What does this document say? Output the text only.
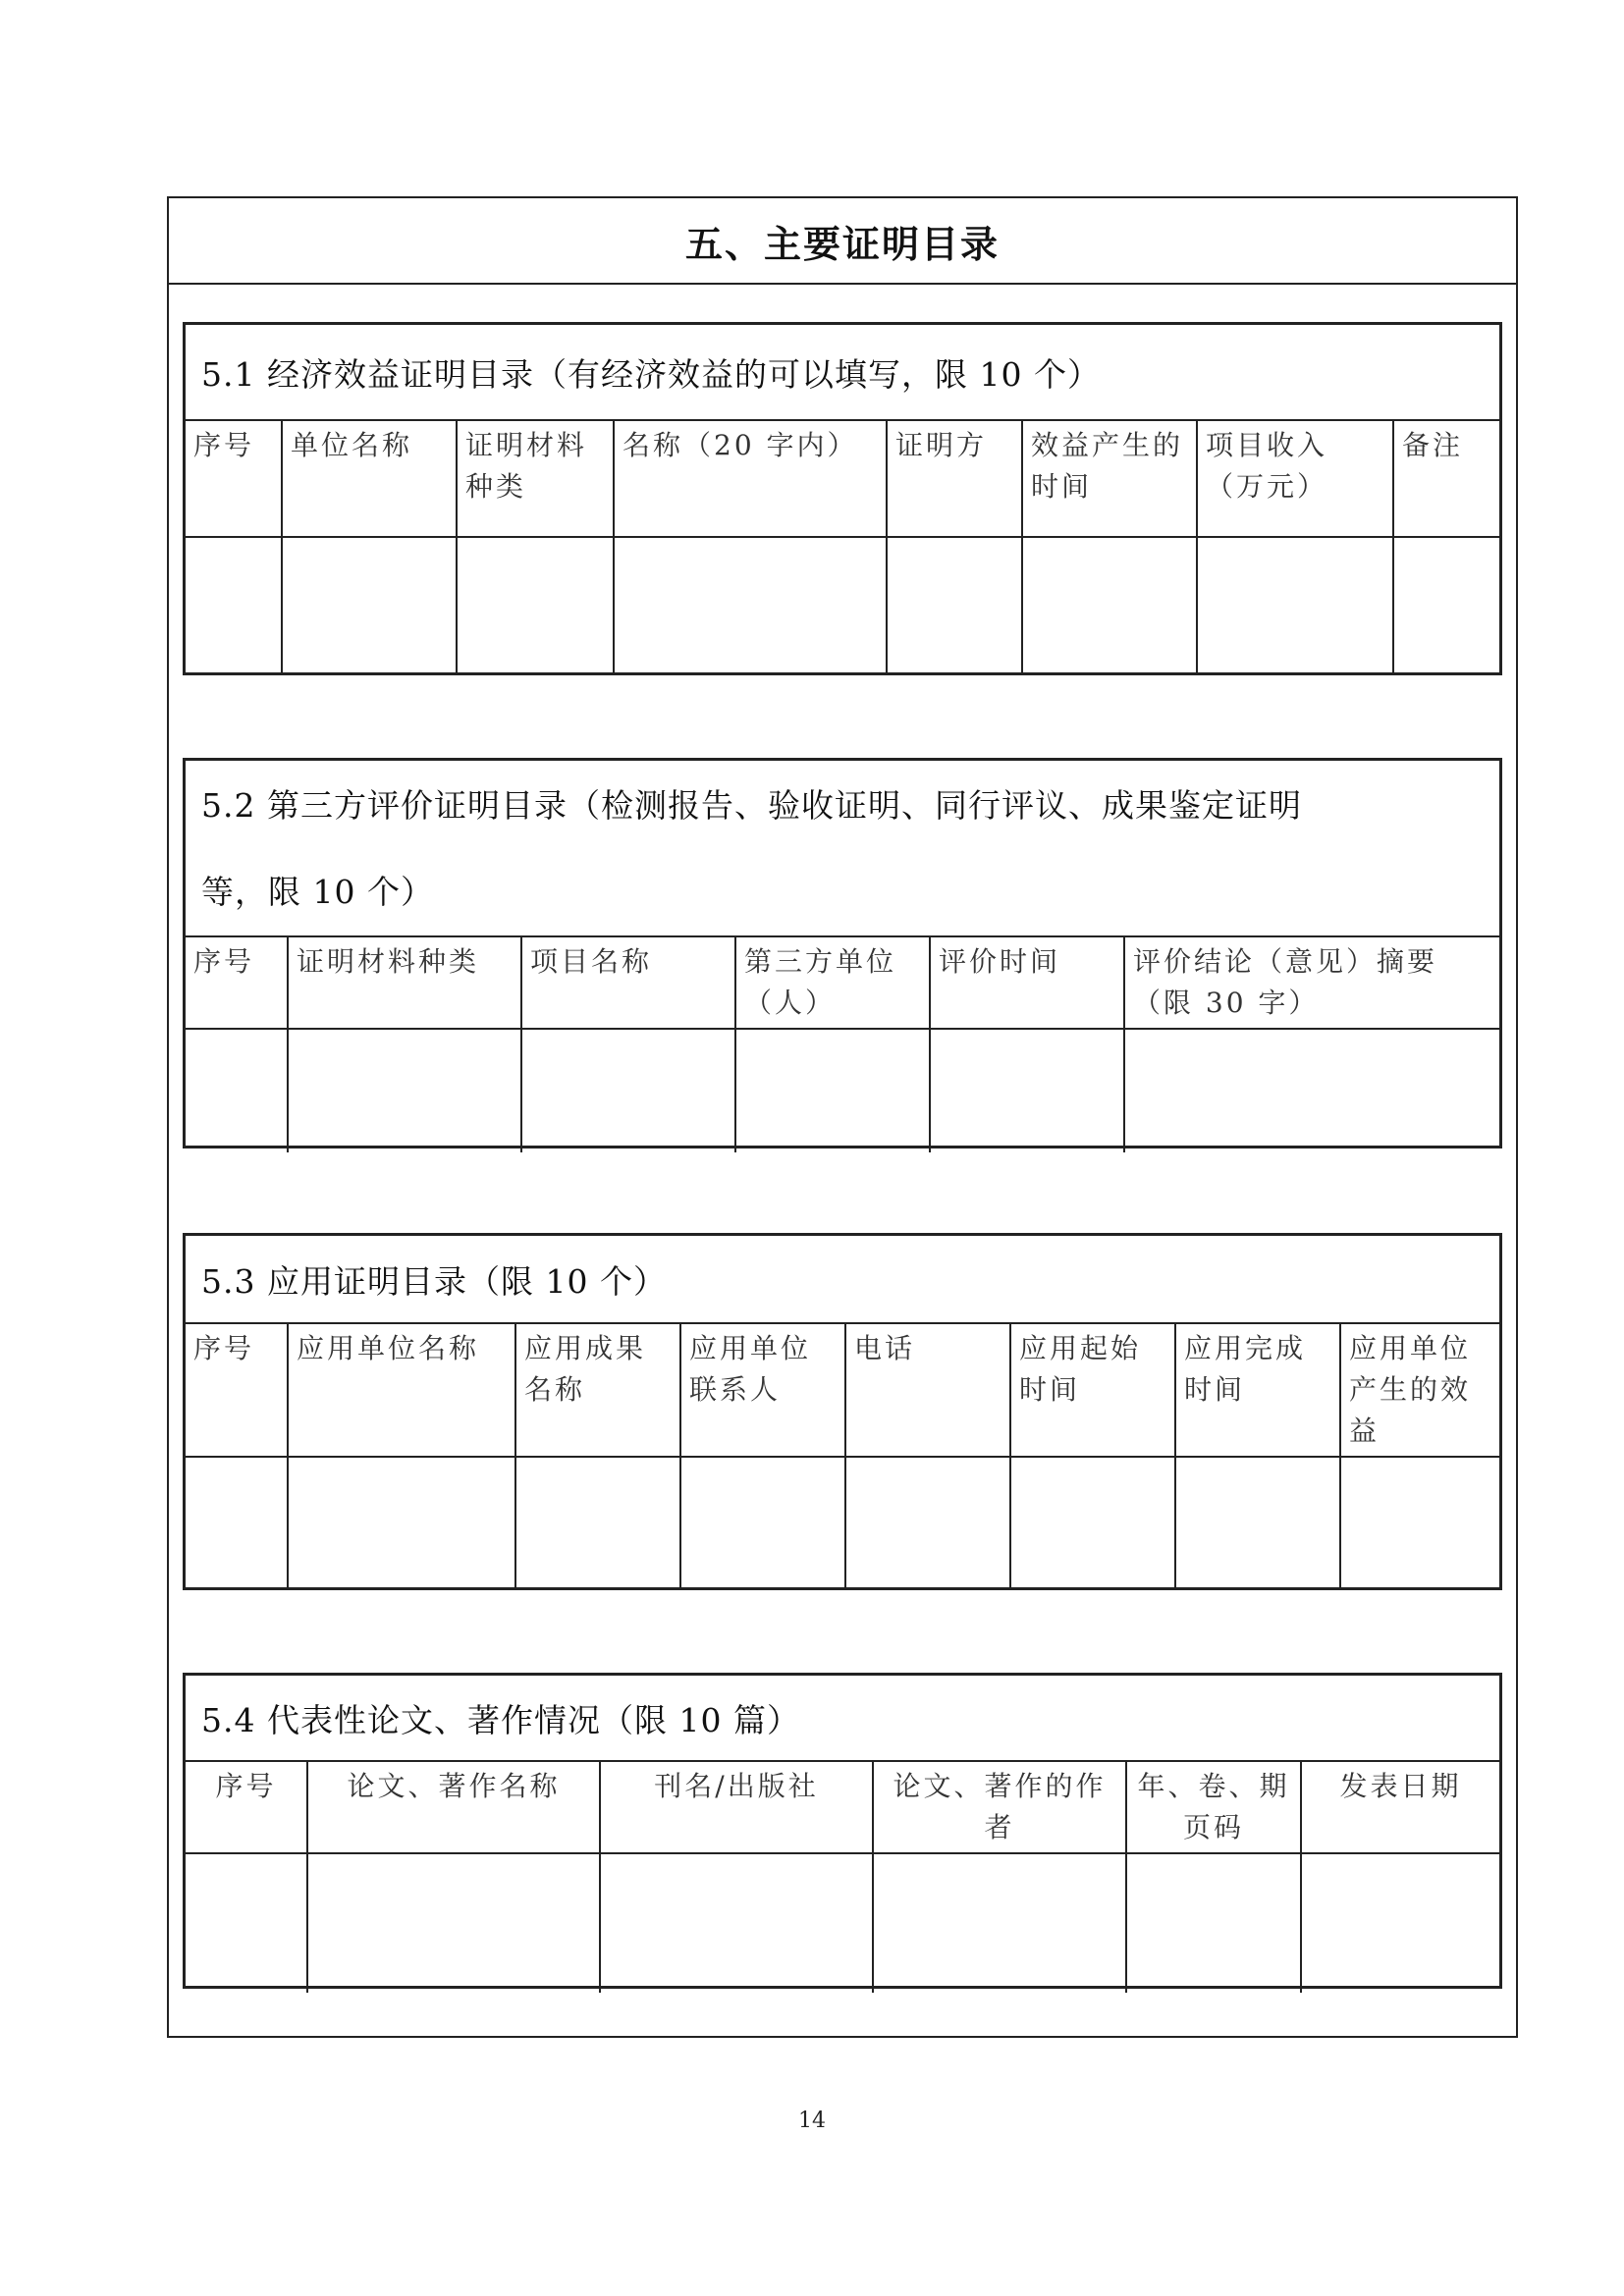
五、主要证明目录
5.1 经济效益证明目录（有经济效益的可以填写，限 10 个）
序号	单位名称	证明材料种类	名称（20 字内）	证明方	效益产生的时间	项目收入（万元）	备注

5.2 第三方评价证明目录（检测报告、验收证明、同行评议、成果鉴定证明
等，限 10 个）
序号	证明材料种类	项目名称	第三方单位（人）	评价时间	评价结论（意见）摘要（限 30 字）

5.3 应用证明目录（限 10 个）
序号	应用单位名称	应用成果名称	应用单位联系人	电话	应用起始时间	应用完成时间	应用单位产生的效益

5.4 代表性论文、著作情况（限 10 篇）
序号	论文、著作名称	刊名/出版社	论文、著作的作者	年、卷、期页码	发表日期

14
